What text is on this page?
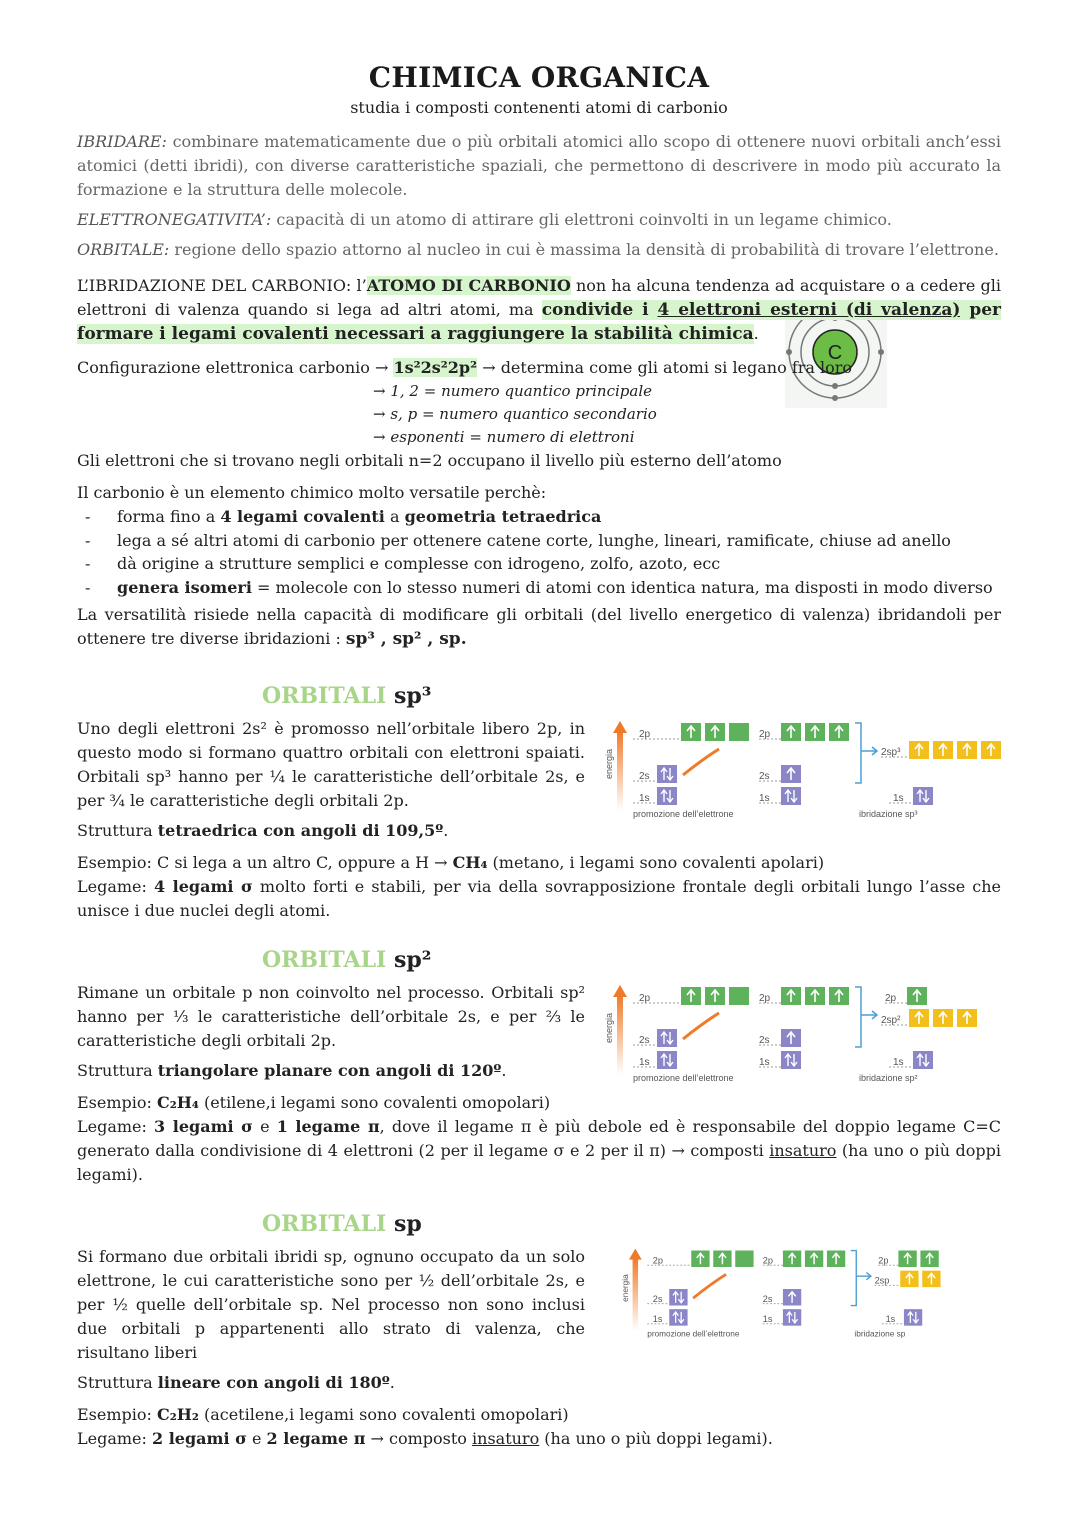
C
CHIMICA ORGANICA
studia i composti contenenti atomi di carbonio

IBRIDARE: combinare matematicamente due o più orbitali atomici allo scopo di ottenere nuovi orbitali anch’essi atomici (detti ibridi), con diverse caratteristiche spaziali, che permettono di descrivere in modo più accurato la formazione e la struttura delle molecole.

ELETTRONEGATIVITA’: capacità di un atomo di attirare gli elettroni coinvolti in un legame chimico.

ORBITALE: regione dello spazio attorno al nucleo in cui è massima la densità di probabilità di trovare l’elettrone.

L’IBRIDAZIONE DEL CARBONIO: l’ATOMO DI CARBONIO non ha alcuna tendenza ad acquistare o a cedere gli elettroni di valenza quando si lega ad altri atomi, ma condivide i 4 elettroni esterni (di valenza) per formare i legami covalenti necessari a raggiungere la stabilità chimica.

Configurazione elettronica carbonio → 1s²2s²2p² → determina come gli atomi si legano fra loro

→ 1, 2 = numero quantico principale

→ s, p = numero quantico secondario

→ esponenti = numero di elettroni

Gli elettroni che si trovano negli orbitali n=2 occupano il livello più esterno dell’atomo

Il carbonio è un elemento chimico molto versatile perchè:

- forma fino a 4 legami covalenti a geometria tetraedrica
- lega a sé altri atomi di carbonio per ottenere catene corte, lunghe, lineari, ramificate, chiuse ad anello
- dà origine a strutture semplici e complesse con idrogeno, zolfo, azoto, ecc
- genera isomeri = molecole con lo stesso numeri di atomi con identica natura, ma disposti in modo diverso

La versatilità risiede nella capacità di modificare gli orbitali (del livello energetico di valenza) ibridandoli per ottenere tre diverse ibridazioni : sp³ , sp² , sp.

ORBITALI sp³

Uno degli elettroni 2s² è promosso nell’orbitale libero 2p, in questo modo si formano quattro orbitali con elettroni spaiati. Orbitali sp³ hanno per ¼ le caratteristiche dell’orbitale 2s, e per ¾ le caratteristiche degli orbitali 2p.

Struttura tetraedrica con angoli di 109,5º.

energia
2p
2s
1s
promozione dell’elettrone
2p
2s
1s
2sp³
1s
ibridazione sp³

Esempio: C si lega a un altro C, oppure a H → CH₄ (metano, i legami sono covalenti apolari)

Legame: 4 legami σ molto forti e stabili, per via della sovrapposizione frontale degli orbitali lungo l’asse che unisce i due nuclei degli atomi.

ORBITALI sp²

Rimane un orbitale p non coinvolto nel processo. Orbitali sp² hanno per ⅓ le caratteristiche dell’orbitale 2s, e per ⅔ le caratteristiche degli orbitali 2p.

Struttura triangolare planare con angoli di 120º.

energia
2p
2s
1s
promozione dell’elettrone
2p
2s
1s
2p
2sp²
1s
ibridazione sp²

Esempio: C₂H₄ (etilene,i legami sono covalenti omopolari)

Legame: 3 legami σ e 1 legame π, dove il legame π è più debole ed è responsabile del doppio legame C=C generato dalla condivisione di 4 elettroni (2 per il legame σ e 2 per il π) → composti insaturo (ha uno o più doppi legami).

ORBITALI sp

Si formano due orbitali ibridi sp, ognuno occupato da un solo elettrone, le cui caratteristiche sono per ½ dell’orbitale 2s, e per ½ quelle dell’orbitale sp. Nel processo non sono inclusi due orbitali p appartenenti allo strato di valenza, che risultano liberi

Struttura lineare con angoli di 180º.

energia
2p
2s
1s
promozione dell’elettrone
2p
2s
1s
2p
2sp
1s
ibridazione sp

Esempio: C₂H₂ (acetilene,i legami sono covalenti omopolari)

Legame: 2 legami σ e 2 legame π → composto insaturo (ha uno o più doppi legami).
